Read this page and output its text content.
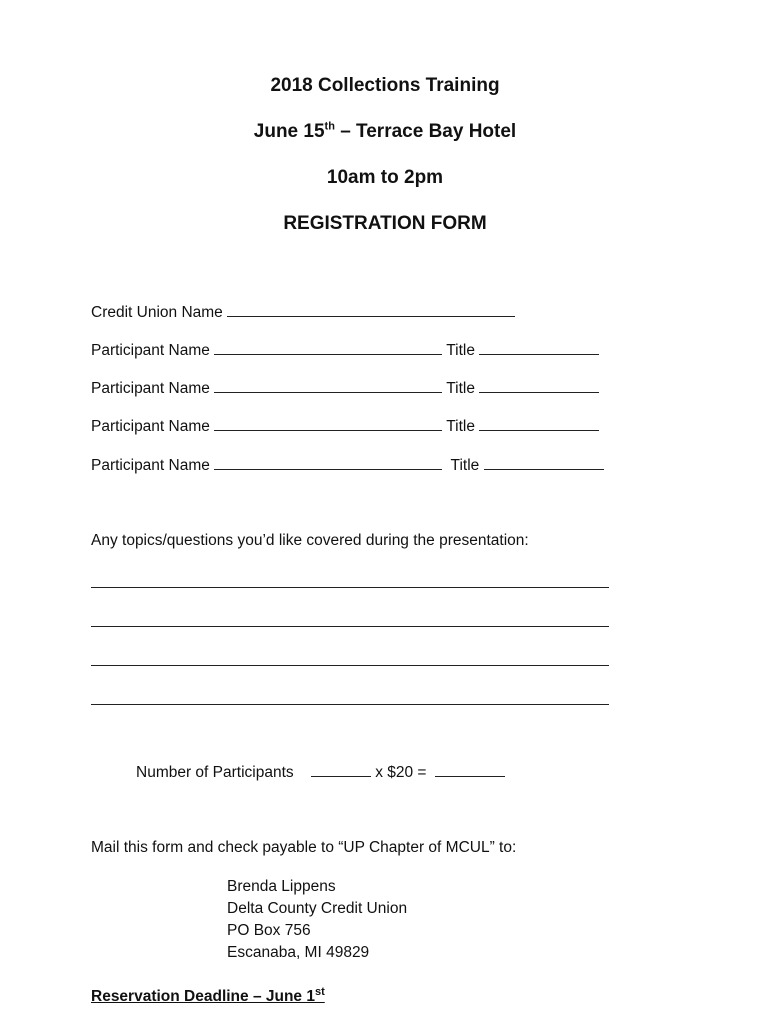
2018 Collections Training
June 15th – Terrace Bay Hotel
10am to 2pm
REGISTRATION FORM
Credit Union Name
Participant Name	Title
Participant Name	Title
Participant Name	Title
Participant Name	Title
Any topics/questions you’d like covered during the presentation:
Number of Participants	x $20 =
Mail this form and check payable to “UP Chapter of MCUL” to:
Brenda Lippens
Delta County Credit Union
PO Box 756
Escanaba, MI 49829
Reservation Deadline – June 1st
